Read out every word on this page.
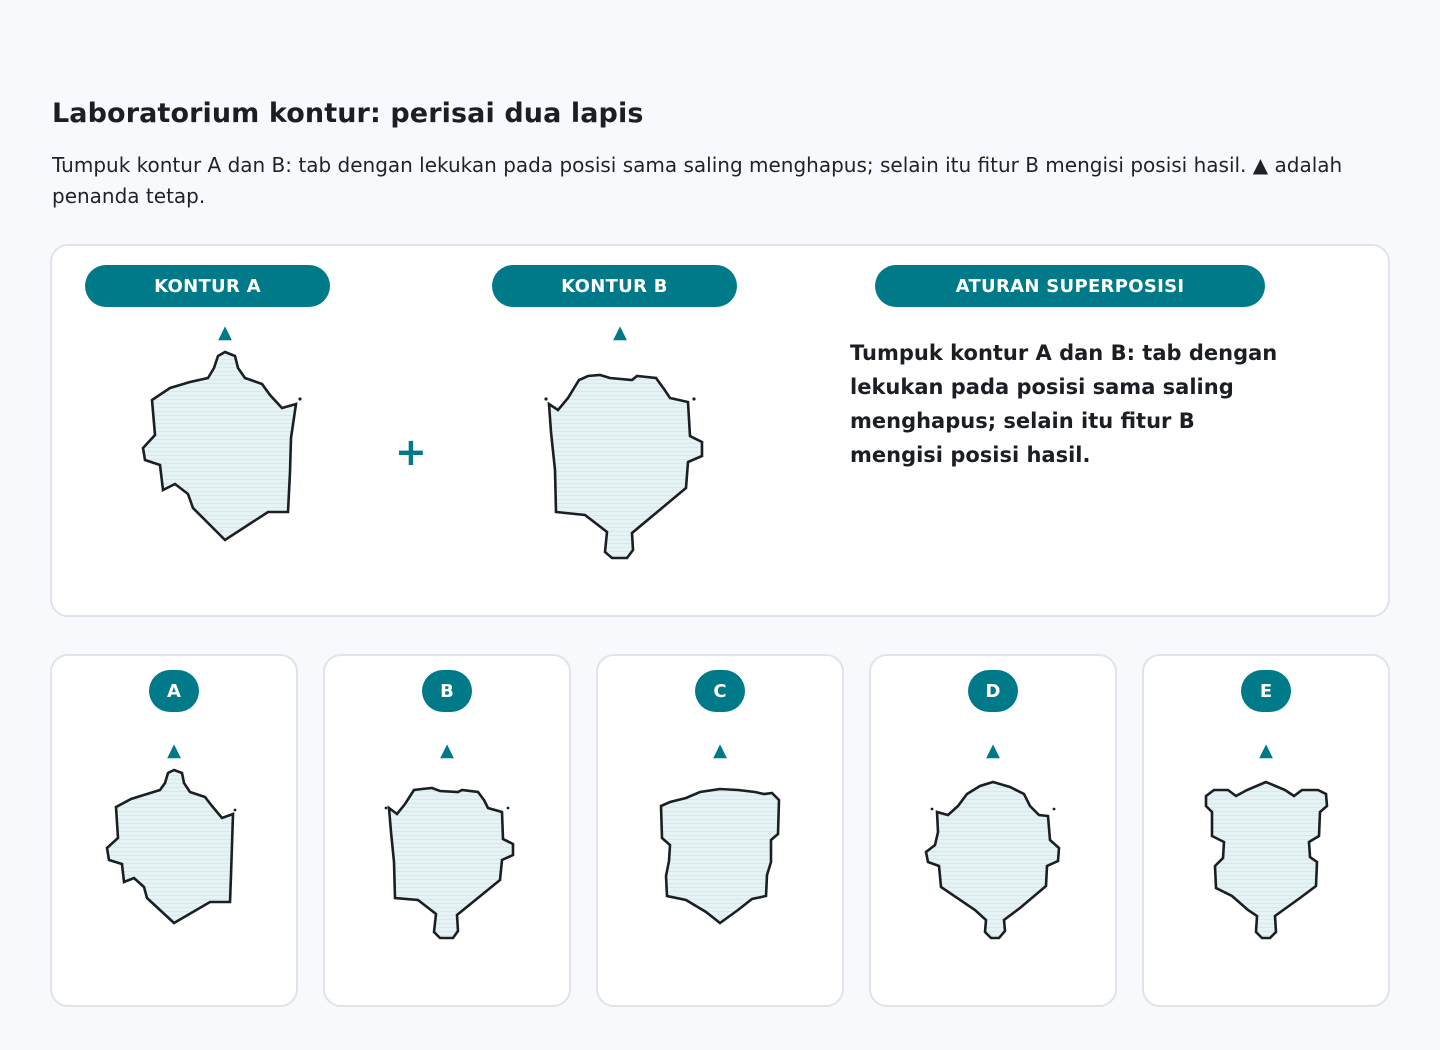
Laboratorium kontur: perisai dua lapis
Tumpuk kontur A dan B: tab dengan lekukan pada posisi sama saling menghapus; selain itu fitur B mengisi posisi hasil. ▲ adalah penanda tetap.
KONTUR A	KONTUR B	ATURAN SUPERPOSISI
▲	▲
+
Tumpuk kontur A dan B: tab dengan lekukan pada posisi sama saling menghapus; selain itu fitur B mengisi posisi hasil.
A	B	C	D	E
▲	▲	▲	▲	▲
